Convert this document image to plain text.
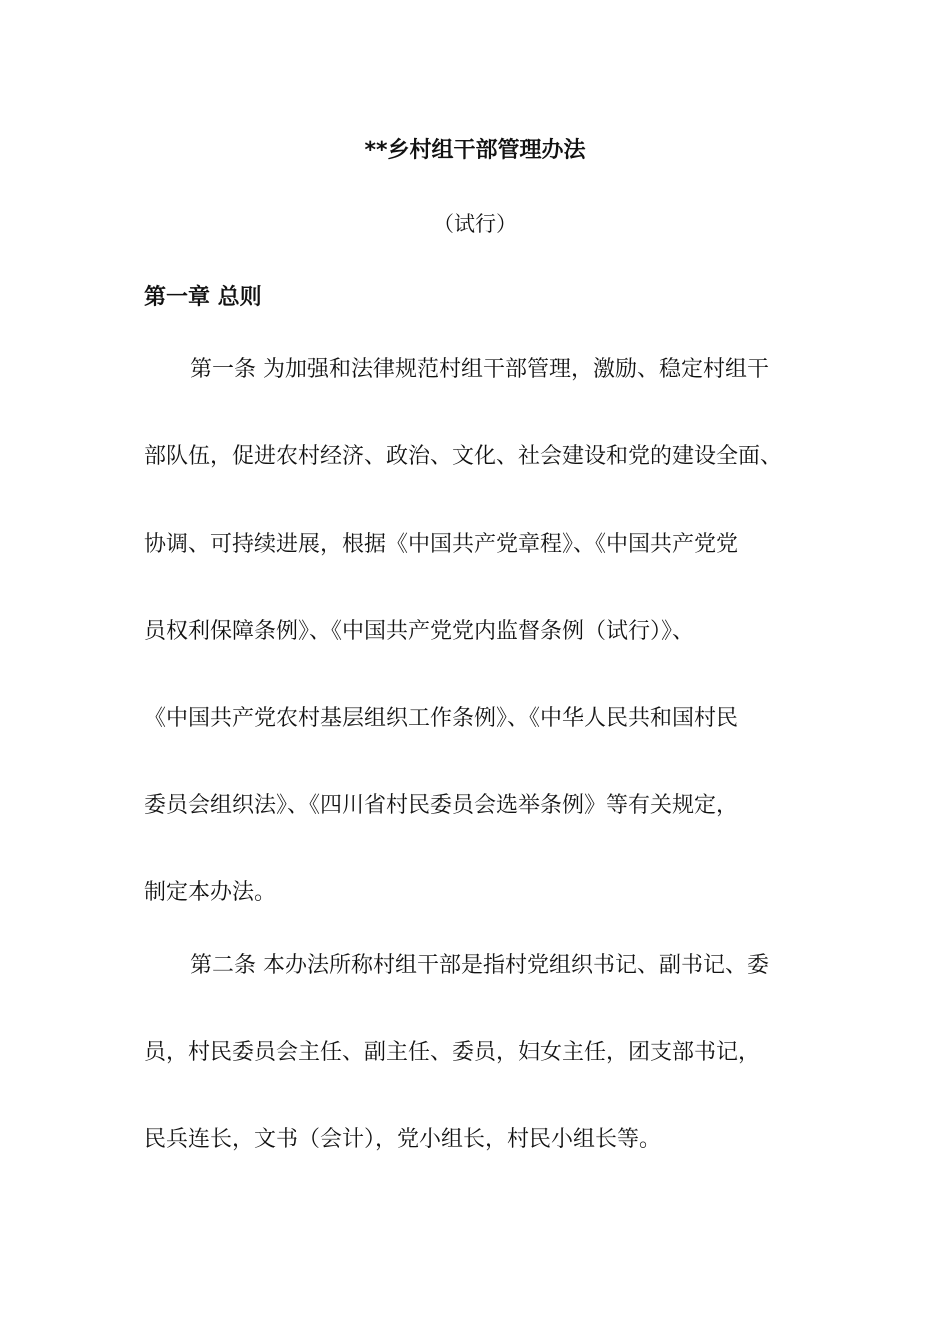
**乡村组干部管理办法
（试行）
第一章 总则
第一条 为加强和法律规范村组干部管理，激励、稳定村组干
部队伍，促进农村经济、政治、文化、社会建设和党的建设全面、
协调、可持续进展，根据《中国共产党章程》、《中国共产党党
员权利保障条例》、《中国共产党党内监督条例（试行）》、
《中国共产党农村基层组织工作条例》、《中华人民共和国村民
委员会组织法》、《四川省村民委员会选举条例》等有关规定，
制定本办法。
第二条 本办法所称村组干部是指村党组织书记、副书记、委
员，村民委员会主任、副主任、委员，妇女主任，团支部书记，
民兵连长，文书（会计），党小组长，村民小组长等。
